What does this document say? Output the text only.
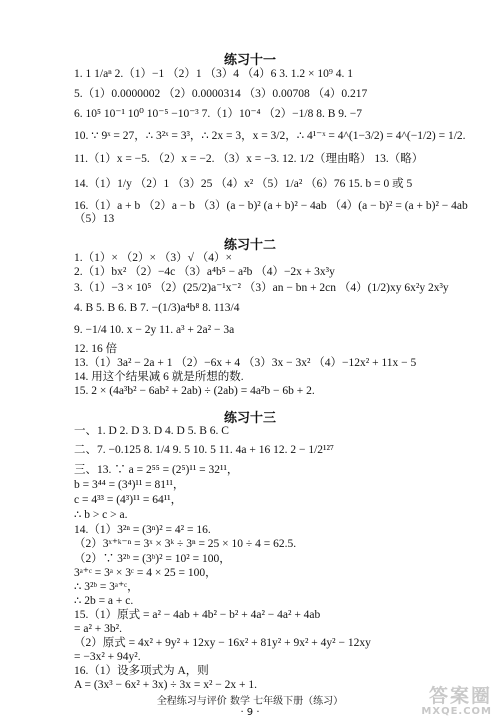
练习十一
练习十二
练习十三
1. 1 1/aⁿ 2.（1）−1 （2）1 （3）4 （4）6 3. 1.2 × 10⁹ 4. 1
5.（1）0.0000002 （2）0.0000314 （3）0.00708 （4）0.217
6. 10⁵ 10⁻¹ 10⁰ 10⁻⁵ −10⁻³ 7.（1）10⁻⁴ （2）−1/8 8. B 9. −7
10. ∵ 9ˣ = 27，∴ 3²ˣ = 3³，∴ 2x = 3，x = 3/2，∴ 4¹⁻ˣ = 4^(1−3/2) = 4^(−1/2) = 1/2.
11.（1）x = −5. （2）x = −2. （3）x = −3. 12. 1/2（理由略） 13.（略）
14.（1）1/y （2）1 （3）25 （4）x² （5）1/a² （6）76 15. b = 0 或 5
16.（1）a + b （2）a − b （3）(a − b)² (a + b)² − 4ab （4）(a − b)² = (a + b)² − 4ab
（5）13
1.（1）× （2）× （3）√ （4）×
2.（1）bx² （2）−4c （3）a⁴b⁵ − a²b （4）−2x + 3x³y
3.（1）−3 × 10⁵ （2）(25/2)a⁻¹x⁻² （3）an − bn + 2cn （4）(1/2)xy 6x²y 2x³y
4. B 5. B 6. B 7. −(1/3)a⁴b⁸ 8. 113/4
9. −1/4 10. x − 2y 11. a³ + 2a² − 3a
12. 16 倍
13.（1）3a² − 2a + 1 （2）−6x + 4 （3）3x − 3x² （4）−12x² + 11x − 5
14. 用这个结果减 6 就是所想的数.
15. 2 × (4a³b² − 6ab² + 2ab) ÷ (2ab) = 4a²b − 6b + 2.
一、1. D 2. D 3. D 4. D 5. B 6. C
二、7. −0.125 8. 1/4 9. 5 10. 5 11. 4a + 16 12. 2 − 1/2¹²⁷
三、13. ∵ a = 2⁵⁵ = (2⁵)¹¹ = 32¹¹，
b = 3⁴⁴ = (3⁴)¹¹ = 81¹¹，
c = 4³³ = (4³)¹¹ = 64¹¹，
∴ b > c > a.
14.（1）3²ⁿ = (3ⁿ)² = 4² = 16.
（2）3ˣ⁺ᵏ⁻ⁿ = 3ˣ × 3ᵏ ÷ 3ⁿ = 25 × 10 ÷ 4 = 62.5.
（2）∵ 3²ᵇ = (3ᵇ)² = 10² = 100，
3ᵃ⁺ᶜ = 3ᵃ × 3ᶜ = 4 × 25 = 100，
∴ 3²ᵇ = 3ᵃ⁺ᶜ，
∴ 2b = a + c.
15.（1）原式 = a² − 4ab + 4b² − b² + 4a² − 4a² + 4ab
= a² + 3b².
（2）原式 = 4x² + 9y² + 12xy − 16x² + 81y² + 9x² + 4y² − 12xy
= −3x² + 94y².
16.（1）设多项式为 A，则
A = (3x³ − 6x² + 3x) ÷ 3x = x² − 2x + 1.
全程练习与评价 数学 七年级下册（练习）
· 9 ·
答案圈
MXQE.COM
